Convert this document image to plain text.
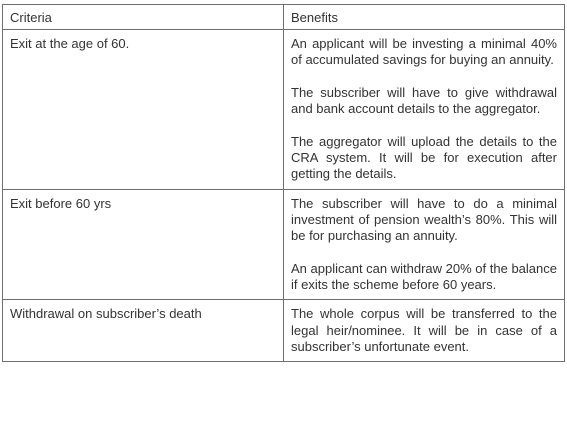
Criteria	Benefits
Exit at the age of 60.	An applicant will be investing a minimal 40% of accumulated savings for buying an annuity.

The subscriber will have to give withdrawal and bank account details to the aggregator.

The aggregator will upload the details to the CRA system. It will be for execution after getting the details.

Exit before 60 yrs	The subscriber will have to do a minimal investment of pension wealth’s 80%. This will be for purchasing an annuity.

An applicant can withdraw 20% of the balance if exits the scheme before 60 years.

Withdrawal on subscriber’s death	The whole corpus will be transferred to the legal heir/nominee. It will be in case of a subscriber’s unfortunate event.
